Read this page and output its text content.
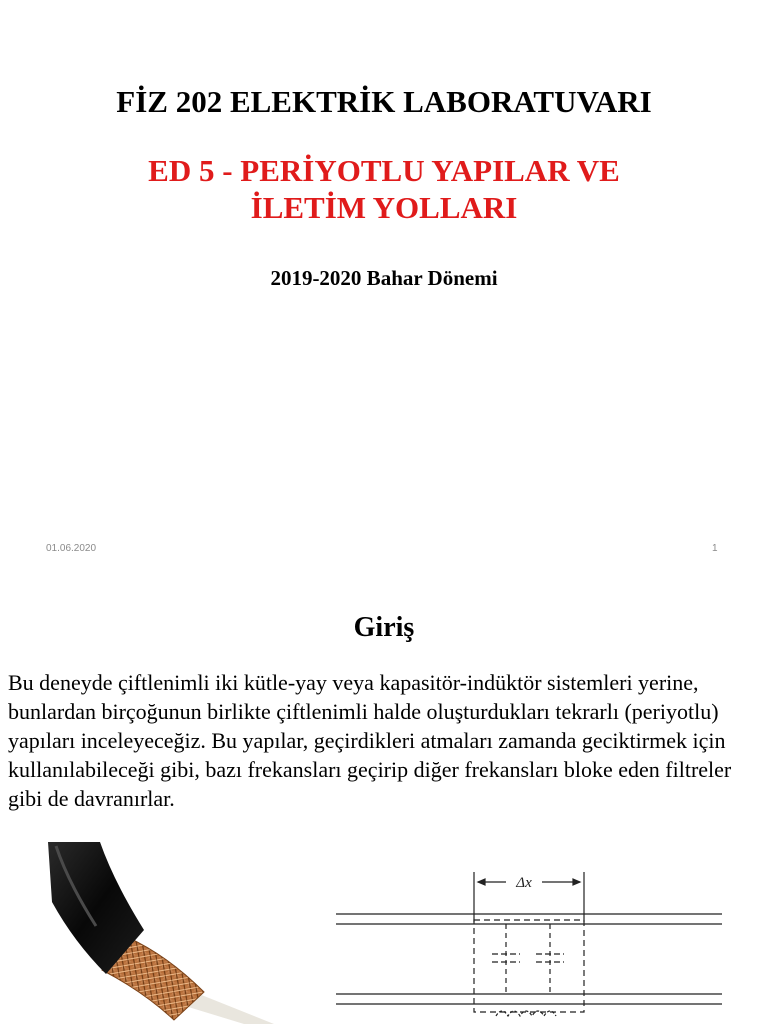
FİZ 202 ELEKTRİK LABORATUVARI
ED 5 - PERİYOTLU YAPILAR VE
İLETİM YOLLARI
2019-2020 Bahar Dönemi
01.06.2020	1
Giriş
Bu deneyde çiftlenimli iki kütle-yay veya kapasitör-indüktör sistemleri yerine, bunlardan birçoğunun birlikte çiftlenimli halde oluşturdukları tekrarlı (periyotlu) yapıları inceleyeceğiz. Bu yapılar, geçirdikleri atmaları zamanda geciktirmek için kullanılabileceği gibi, bazı frekansları geçirip diğer frekansları bloke eden filtreler gibi de davranırlar.
Δx
